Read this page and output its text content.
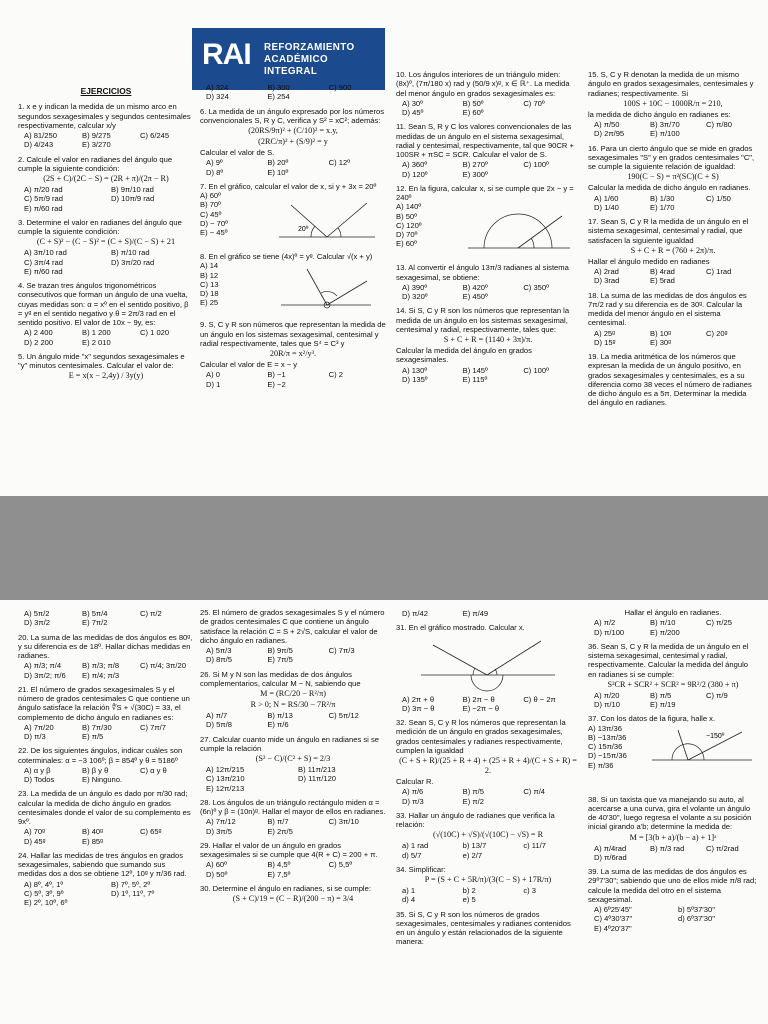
RAI REFORZAMIENTO
ACADÉMICO
INTEGRAL
EJERCICIOS

1. x e y indican la medida de un mismo arco en segundos sexagesimales y segundos centesimales respectivamente, calcular x/y

A) 81/250	B) 9/275	C) 6/245
D) 4/243	E) 3/270

2. Calcule el valor en radianes del ángulo que cumple la siguiente condición:

(2S + C)/(2C − S) = (2R + π)/(2π − R)
A) π/20 rad	B) 9π/10 rad
C) 5π/9 rad	D) 10π/9 rad
E) π/60 rad

3. Determine el valor en radianes del ángulo que cumple la siguiente condición:

(C + S)² − (C − S)² = (C + S)/(C − S) + 21
A) 3π/10 rad	B) π/10 rad
C) 3π/4 rad	D) 3π/20 rad
E) π/60 rad

4. Se trazan tres ángulos trigonométricos consecutivos que forman un ángulo de una vuelta, cuyas medidas son: α = xº en el sentido positivo, β = yᵍ en el sentido negativo y θ = 2π/3 rad en el sentido positivo. El valor de 10x − 9y, es:

A) 2 400	B) 1 200	C) 1 020
D) 2 200	E) 2 010

5. Un ángulo mide "x" segundos sexagesimales e "y" minutos centesimales. Calcular el valor de:

E = x(x − 2,4y) / 3y(y)
A) 324	B) 300	C) 900
D) 324	E) 254

6. La medida de un ángulo expresado por los números convencionales S, R y C, verifica y S² = xC²; además:

(20RS/9π)² + (C/10)² = x.y,
(2RC/π)² + (S/9)² = y

Calcular el valor de S.

A) 9º	B) 20º	C) 12º
D) 8º	E) 10º

7. En el gráfico, calcular el valor de x, si y + 3x = 20º

A) 60º
B) 70º
C) 45º
D) − 70º
E) − 45º	20º

8. En el gráfico se tiene (4x)º = yᵍ. Calcular √(x + y)

A) 14
B) 12
C) 13
D) 18
E) 25

9. S, C y R son números que representan la medida de un ángulo en los sistemas sexagesimal, centesimal y radial respectivamente, tales que S⁴ = C³ y

20R/π = x²/y³.

Calcular el valor de E = x − y

A) 0	B) −1	C) 2
D) 1	E) −2

10. Los ángulos interiores de un triángulo miden: (8x)º, (7π/180 x) rad y (50/9 x)ᵍ, x ∈ ℝ⁺. La medida del menor ángulo en grados sexagesimales es:

A) 30º	B) 50º	C) 70º
D) 45º	E) 60º

11. Sean S, R y C los valores convencionales de las medidas de un ángulo en el sistema sexagesimal, radial y centesimal, respectivamente, tal que 90CR + 100SR + πSC = SCR. Calcular el valor de S.

A) 360º	B) 270º	C) 100º
D) 120º	E) 300º

12. En la figura, calcular x, si se cumple que 2x − y = 240º

A) 140º
B) 50º
C) 120º
D) 70º
E) 60º

13. Al convertir el ángulo 13π/3 radianes al sistema sexagesimal, se obtiene:

A) 390º	B) 420º	C) 350º
D) 320º	E) 450º

14. Si S, C y R son los números que representan la medida de un ángulo en los sistemas sexagesimal, centesimal y radial, respectivamente, tales que:

S + C + R = (1140 + 3π)/π.

Calcular la medida del ángulo en grados sexagesimales.

A) 130º	B) 145º	C) 100º
D) 135º	E) 115º

15. S, C y R denotan la medida de un mismo ángulo en grados sexagesimales, centesimales y radianes; respectivamente. Si

100S + 10C − 1000R/π = 210,

la medida de dicho ángulo en radianes es:

A) π/50	B) 3π/70	C) π/80
D) 2π/95	E) π/100

16. Para un cierto ángulo que se mide en grados sexagesimales "S" y en grados centesimales "C", se cumple la siguiente relación de igualdad:

190(C − S) = π²(SC)(C + S)

Calcular la medida de dicho ángulo en radianes.

A) 1/60	B) 1/30	C) 1/50
D) 1/40	E) 1/70

17. Sean S, C y R la medida de un ángulo en el sistema sexagesimal, centesimal y radial, que satisfacen la siguiente igualdad

S + C + R = (760 + 2π)/π.

Hallar el ángulo medido en radianes

A) 2rad	B) 4rad	C) 1rad
D) 3rad	E) 5rad

18. La suma de las medidas de dos ángulos es 7π/2 rad y su diferencia es de 30ᵍ. Calcular la medida del menor ángulo en el sistema centesimal.

A) 25ᵍ	B) 10ᵍ	C) 20ᵍ
D) 15ᵍ	E) 30ᵍ

19. La media aritmética de los números que expresan la medida de un ángulo positivo, en grados sexagesimales y centesimales, es a su diferencia como 38 veces el número de radianes de dicho ángulo es a 5π. Determinar la medida del ángulo en radianes.

A) 5π/2	B) 5π/4	C) π/2
D) 3π/2	E) 7π/2

20. La suma de las medidas de dos ángulos es 80ᵍ, y su diferencia es de 18º. Hallar dichas medidas en radianes.

A) π/3; π/4	B) π/3; π/8	C) π/4; 3π/20
D) 3π/2; π/6	E) π/4; π/3

21. El número de grados sexagesimales S y el número de grados centesimales C que contiene un ángulo satisface la relación ∜S + √(30C) = 33, el complemento de dicho ángulo en radianes es:

A) 7π/20	B) 7π/30	C) 7π/7
D) π/3	E) π/5

22. De los siguientes ángulos, indicar cuáles son coterminales: α = −3 106º; β = 854º y θ = 5186º

A) α y β	B) β y θ	C) α y θ
D) Todos	E) Ninguno.

23. La medida de un ángulo es dado por π/30 rad; calcular la medida de dicho ángulo en grados centesimales donde el valor de su complemento es 9xº.

A) 70ᵍ	B) 40ᵍ	C) 65ᵍ
D) 45ᵍ	E) 85ᵍ

24. Hallar las medidas de tres ángulos en grados sexagesimales, sabiendo que sumando sus medidas dos a dos se obtiene 12º, 10ᵍ y π/36 rad.

A) 8º, 4º, 1º	B) 7º, 5º, 2º
C) 5º, 3º, 9º	D) 1º, 11º, 7º
E) 2º, 10º, 6º

25. El número de grados sexagesimales S y el número de grados centesimales C que contiene un ángulo satisface la relación C = S + 2√S, calcular el valor de dicho ángulo en radianes.

A) 5π/3	B) 9π/5	C) 7π/3
D) 8π/5	E) 7π/5

26. Si M y N son las medidas de dos ángulos complementarios, calcular M − N, sabiendo que

M = (RC/20 − R²/π)
R > 0; N = RS/30 − 7R²/π
A) π/7	B) π/13	C) 5π/12
D) 5π/8	E) π/6

27. Calcular cuanto mide un ángulo en radianes si se cumple la relación

(S² − C)/(C² + S) = 2/3
A) 12π/215	B) 11π/213
C) 13π/210	D) 11π/120
E) 12π/213

28. Los ángulos de un triángulo rectángulo miden α = (6n)º y β = (10n)ᵍ. Hallar el mayor de ellos en radianes.

A) 7π/12	B) π/7	C) 3π/10
D) 3π/5	E) 2π/5

29. Hallar el valor de un ángulo en grados sexagesimales si se cumple que 4(R + C) = 200 + π.

A) 60º	B) 4,5º	C) 5,5º
D) 50º	E) 7,5º

30. Determine el ángulo en radianes, si se cumple:

(S + C)/19 = (C − R)/(200 − π) = 3/4
D) π/42	E) π/49

31. En el gráfico mostrado. Calcular x.

A) 2π + θ	B) 2π − θ	C) θ − 2π
D) 3π − θ	E) −2π − θ

32. Sean S, C y R los números que representan la medición de un ángulo en grados sexagesimales, grados centesimales y radianes respectivamente, cumplen la igualdad

(C + S + R)/(25 + R + 4) + (25 + R + 4)/(C + S + R) = 2.

Calcular R.

A) π/6	B) π/5	C) π/4
D) π/3	E) π/2

33. Hallar un ángulo de radianes que verifica la relación:

(√(10C) + √S)/(√(10C) − √S) = R
a) 1 rad	b) 13/7	c) 11/7
d) 5/7	e) 2/7

34. Simplificar:

P = (S + C + 5R/π)/(3(C − S) + 17R/π)
a) 1	b) 2	c) 3
d) 4	e) 5

35. Si S, C y R son los números de grados sexagesimales, centesimales y radianes contenidos en un ángulo y están relacionados de la siguiente manera:

Hallar el ángulo en radianes.

A) π/2	B) π/10	C) π/25
D) π/100	E) π/200

36. Sean S, C y R la medida de un ángulo en el sistema sexagesimal, centesimal y radial, respectivamente. Calcular la medida del ángulo en radianes si se cumple:

S²CR + SCR² + SCR² = 9R²/2 (380 + π)
A) π/20	B) π/5	C) π/9
D) π/10	E) π/19

37. Con los datos de la figura, halle x.

A) 13π/36
B) −13π/36
C) 15π/36
D) −15π/36
E) π/36
−150º

38. Si un taxista que va manejando su auto, al acercarse a una curva, gira el volante un ángulo de 40'30", luego regresa el volante a su posición inicial girando a'b; determine la medida de:

M = [3(b + a)/(b − a) + 1]ᵃ
A) π/4rad	B) π/3 rad	C) π/2rad
D) π/6rad

39. La suma de las medidas de dos ángulos es 29º7'30"; sabiendo que uno de ellos mide π/8 rad; calcule la medida del otro en el sistema sexagesimal.

A) 6º25'45"	b) 5º37'30"
C) 4º30'37"	d) 6º37'30"
E) 4º20'37"
